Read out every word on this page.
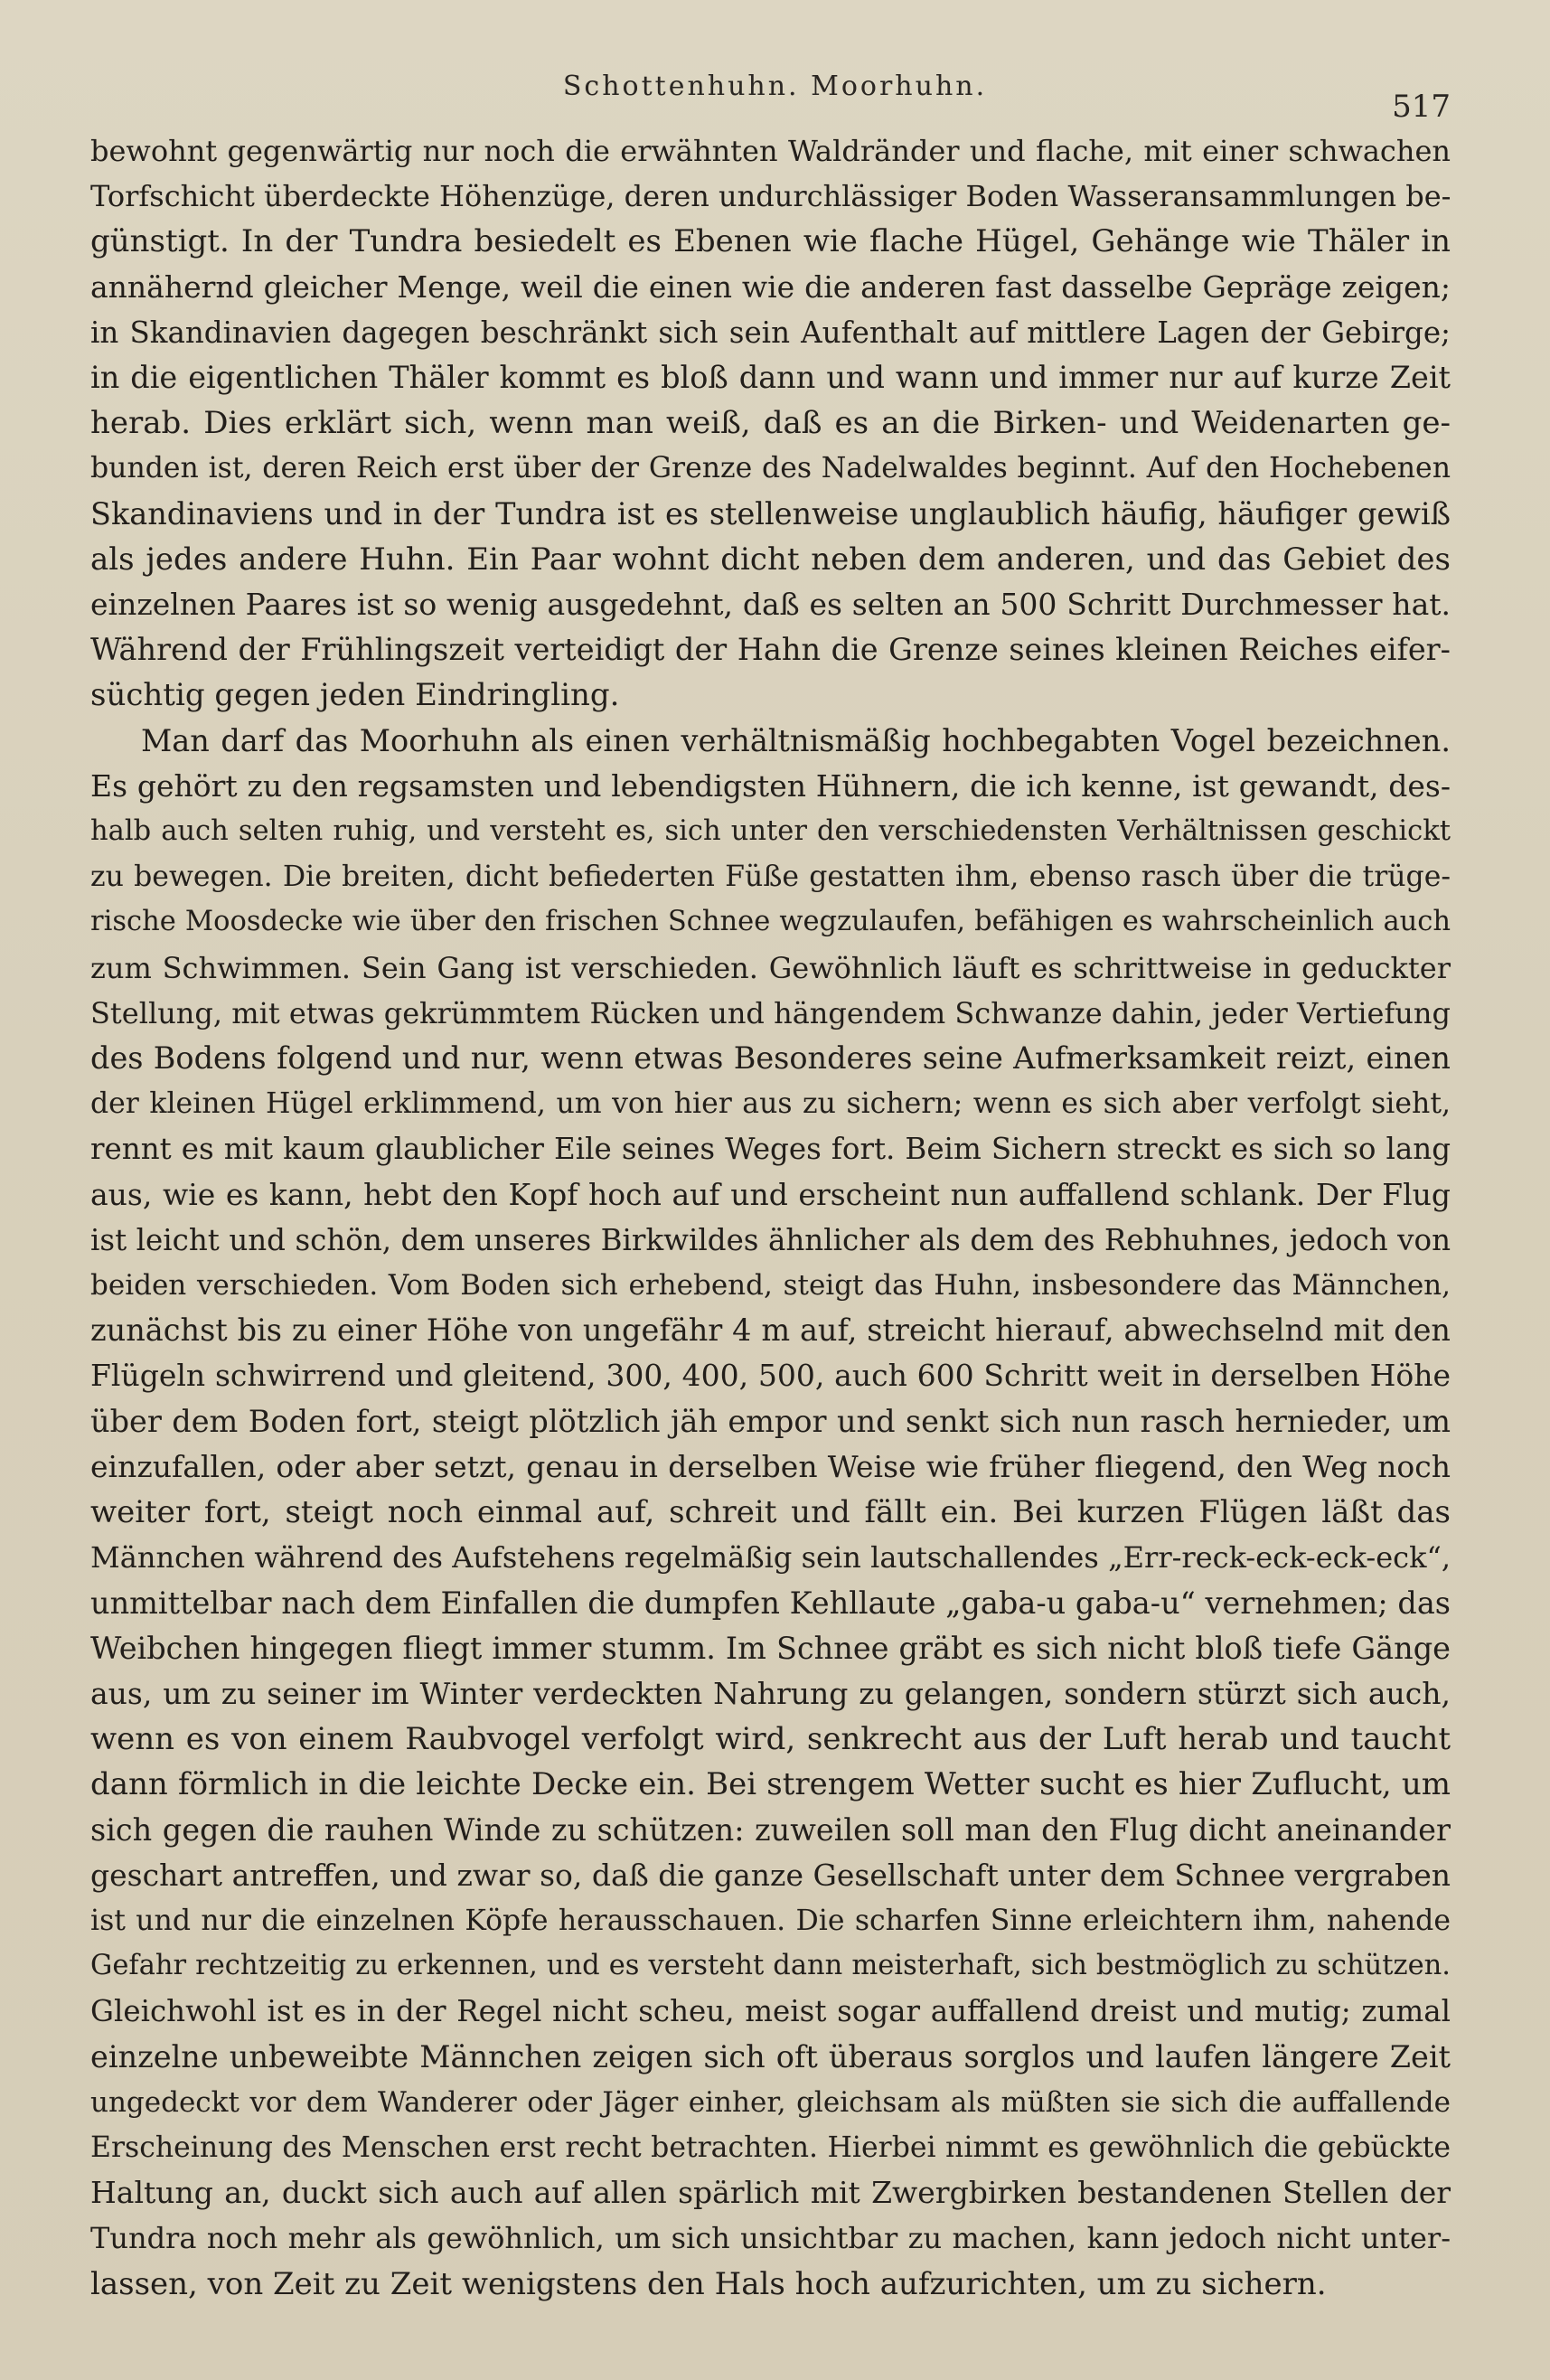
Schottenhuhn. Moorhuhn.
517
bewohnt gegenwärtig nur noch die erwähnten Waldränder und flache, mit einer schwachen
Torfschicht überdeckte Höhenzüge, deren undurchlässiger Boden Wasseransammlungen be-
günstigt. In der Tundra besiedelt es Ebenen wie flache Hügel, Gehänge wie Thäler in
annähernd gleicher Menge, weil die einen wie die anderen fast dasselbe Gepräge zeigen;
in Skandinavien dagegen beschränkt sich sein Aufenthalt auf mittlere Lagen der Gebirge;
in die eigentlichen Thäler kommt es bloß dann und wann und immer nur auf kurze Zeit
herab. Dies erklärt sich, wenn man weiß, daß es an die Birken- und Weidenarten ge-
bunden ist, deren Reich erst über der Grenze des Nadelwaldes beginnt. Auf den Hochebenen
Skandinaviens und in der Tundra ist es stellenweise unglaublich häufig, häufiger gewiß
als jedes andere Huhn. Ein Paar wohnt dicht neben dem anderen, und das Gebiet des
einzelnen Paares ist so wenig ausgedehnt, daß es selten an 500 Schritt Durchmesser hat.
Während der Frühlingszeit verteidigt der Hahn die Grenze seines kleinen Reiches eifer-
süchtig gegen jeden Eindringling.
Man darf das Moorhuhn als einen verhältnismäßig hochbegabten Vogel bezeichnen.
Es gehört zu den regsamsten und lebendigsten Hühnern, die ich kenne, ist gewandt, des-
halb auch selten ruhig, und versteht es, sich unter den verschiedensten Verhältnissen geschickt
zu bewegen. Die breiten, dicht befiederten Füße gestatten ihm, ebenso rasch über die trüge-
rische Moosdecke wie über den frischen Schnee wegzulaufen, befähigen es wahrscheinlich auch
zum Schwimmen. Sein Gang ist verschieden. Gewöhnlich läuft es schrittweise in geduckter
Stellung, mit etwas gekrümmtem Rücken und hängendem Schwanze dahin, jeder Vertiefung
des Bodens folgend und nur, wenn etwas Besonderes seine Aufmerksamkeit reizt, einen
der kleinen Hügel erklimmend, um von hier aus zu sichern; wenn es sich aber verfolgt sieht,
rennt es mit kaum glaublicher Eile seines Weges fort. Beim Sichern streckt es sich so lang
aus, wie es kann, hebt den Kopf hoch auf und erscheint nun auffallend schlank. Der Flug
ist leicht und schön, dem unseres Birkwildes ähnlicher als dem des Rebhuhnes, jedoch von
beiden verschieden. Vom Boden sich erhebend, steigt das Huhn, insbesondere das Männchen,
zunächst bis zu einer Höhe von ungefähr 4 m auf, streicht hierauf, abwechselnd mit den
Flügeln schwirrend und gleitend, 300, 400, 500, auch 600 Schritt weit in derselben Höhe
über dem Boden fort, steigt plötzlich jäh empor und senkt sich nun rasch hernieder, um
einzufallen, oder aber setzt, genau in derselben Weise wie früher fliegend, den Weg noch
weiter fort, steigt noch einmal auf, schreit und fällt ein. Bei kurzen Flügen läßt das
Männchen während des Aufstehens regelmäßig sein lautschallendes „Err-reck-eck-eck-eck“,
unmittelbar nach dem Einfallen die dumpfen Kehllaute „gaba-u gaba-u“ vernehmen; das
Weibchen hingegen fliegt immer stumm. Im Schnee gräbt es sich nicht bloß tiefe Gänge
aus, um zu seiner im Winter verdeckten Nahrung zu gelangen, sondern stürzt sich auch,
wenn es von einem Raubvogel verfolgt wird, senkrecht aus der Luft herab und taucht
dann förmlich in die leichte Decke ein. Bei strengem Wetter sucht es hier Zuflucht, um
sich gegen die rauhen Winde zu schützen: zuweilen soll man den Flug dicht aneinander
geschart antreffen, und zwar so, daß die ganze Gesellschaft unter dem Schnee vergraben
ist und nur die einzelnen Köpfe herausschauen. Die scharfen Sinne erleichtern ihm, nahende
Gefahr rechtzeitig zu erkennen, und es versteht dann meisterhaft, sich bestmöglich zu schützen.
Gleichwohl ist es in der Regel nicht scheu, meist sogar auffallend dreist und mutig; zumal
einzelne unbeweibte Männchen zeigen sich oft überaus sorglos und laufen längere Zeit
ungedeckt vor dem Wanderer oder Jäger einher, gleichsam als müßten sie sich die auffallende
Erscheinung des Menschen erst recht betrachten. Hierbei nimmt es gewöhnlich die gebückte
Haltung an, duckt sich auch auf allen spärlich mit Zwergbirken bestandenen Stellen der
Tundra noch mehr als gewöhnlich, um sich unsichtbar zu machen, kann jedoch nicht unter-
lassen, von Zeit zu Zeit wenigstens den Hals hoch aufzurichten, um zu sichern.
